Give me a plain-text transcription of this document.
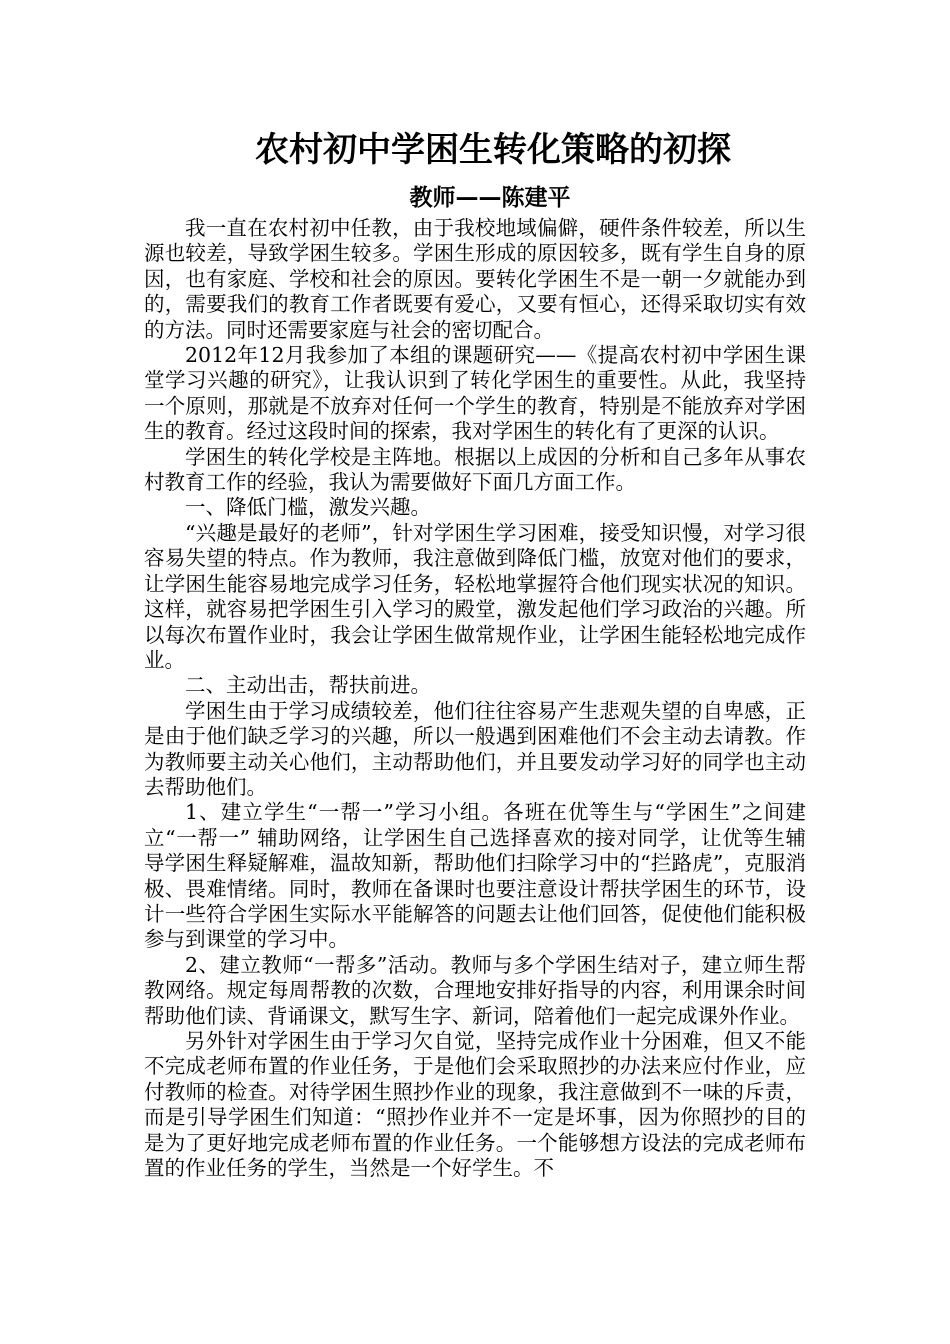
农村初中学困生转化策略的初探
教师——陈建平

我一直在农村初中任教，由于我校地域偏僻，硬件条件较差，所以生源也较差，导致学困生较多。学困生形成的原因较多，既有学生自身的原因，也有家庭、学校和社会的原因。要转化学困生不是一朝一夕就能办到的，需要我们的教育工作者既要有爱心，又要有恒心，还得采取切实有效的方法。同时还需要家庭与社会的密切配合。

2012年12月我参加了本组的课题研究——《提高农村初中学困生课堂学习兴趣的研究》，让我认识到了转化学困生的重要性。从此，我坚持一个原则，那就是不放弃对任何一个学生的教育，特别是不能放弃对学困生的教育。经过这段时间的探索，我对学困生的转化有了更深的认识。

学困生的转化学校是主阵地。根据以上成因的分析和自己多年从事农村教育工作的经验，我认为需要做好下面几方面工作。

一、降低门槛，激发兴趣。

“兴趣是最好的老师”，针对学困生学习困难，接受知识慢，对学习很容易失望的特点。作为教师，我注意做到降低门槛，放宽对他们的要求，让学困生能容易地完成学习任务，轻松地掌握符合他们现实状况的知识。这样，就容易把学困生引入学习的殿堂，激发起他们学习政治的兴趣。所以每次布置作业时，我会让学困生做常规作业，让学困生能轻松地完成作业。

二、主动出击，帮扶前进。

学困生由于学习成绩较差，他们往往容易产生悲观失望的自卑感，正是由于他们缺乏学习的兴趣，所以一般遇到困难他们不会主动去请教。作为教师要主动关心他们，主动帮助他们，并且要发动学习好的同学也主动去帮助他们。

1、建立学生“一帮一”学习小组。各班在优等生与“学困生”之间建立“一帮一” 辅助网络，让学困生自己选择喜欢的接对同学，让优等生辅导学困生释疑解难，温故知新，帮助他们扫除学习中的“拦路虎”，克服消极、畏难情绪。同时，教师在备课时也要注意设计帮扶学困生的环节，设计一些符合学困生实际水平能解答的问题去让他们回答，促使他们能积极参与到课堂的学习中。

2、建立教师“一帮多”活动。教师与多个学困生结对子，建立师生帮教网络。规定每周帮教的次数，合理地安排好指导的内容，利用课余时间帮助他们读、背诵课文，默写生字、新词，陪着他们一起完成课外作业。

另外针对学困生由于学习欠自觉，坚持完成作业十分困难，但又不能不完成老师布置的作业任务，于是他们会采取照抄的办法来应付作业，应付教师的检查。对待学困生照抄作业的现象，我注意做到不一味的斥责，而是引导学困生们知道：“照抄作业并不一定是坏事，因为你照抄的目的是为了更好地完成老师布置的作业任务。一个能够想方设法的完成老师布置的作业任务的学生，当然是一个好学生。不
